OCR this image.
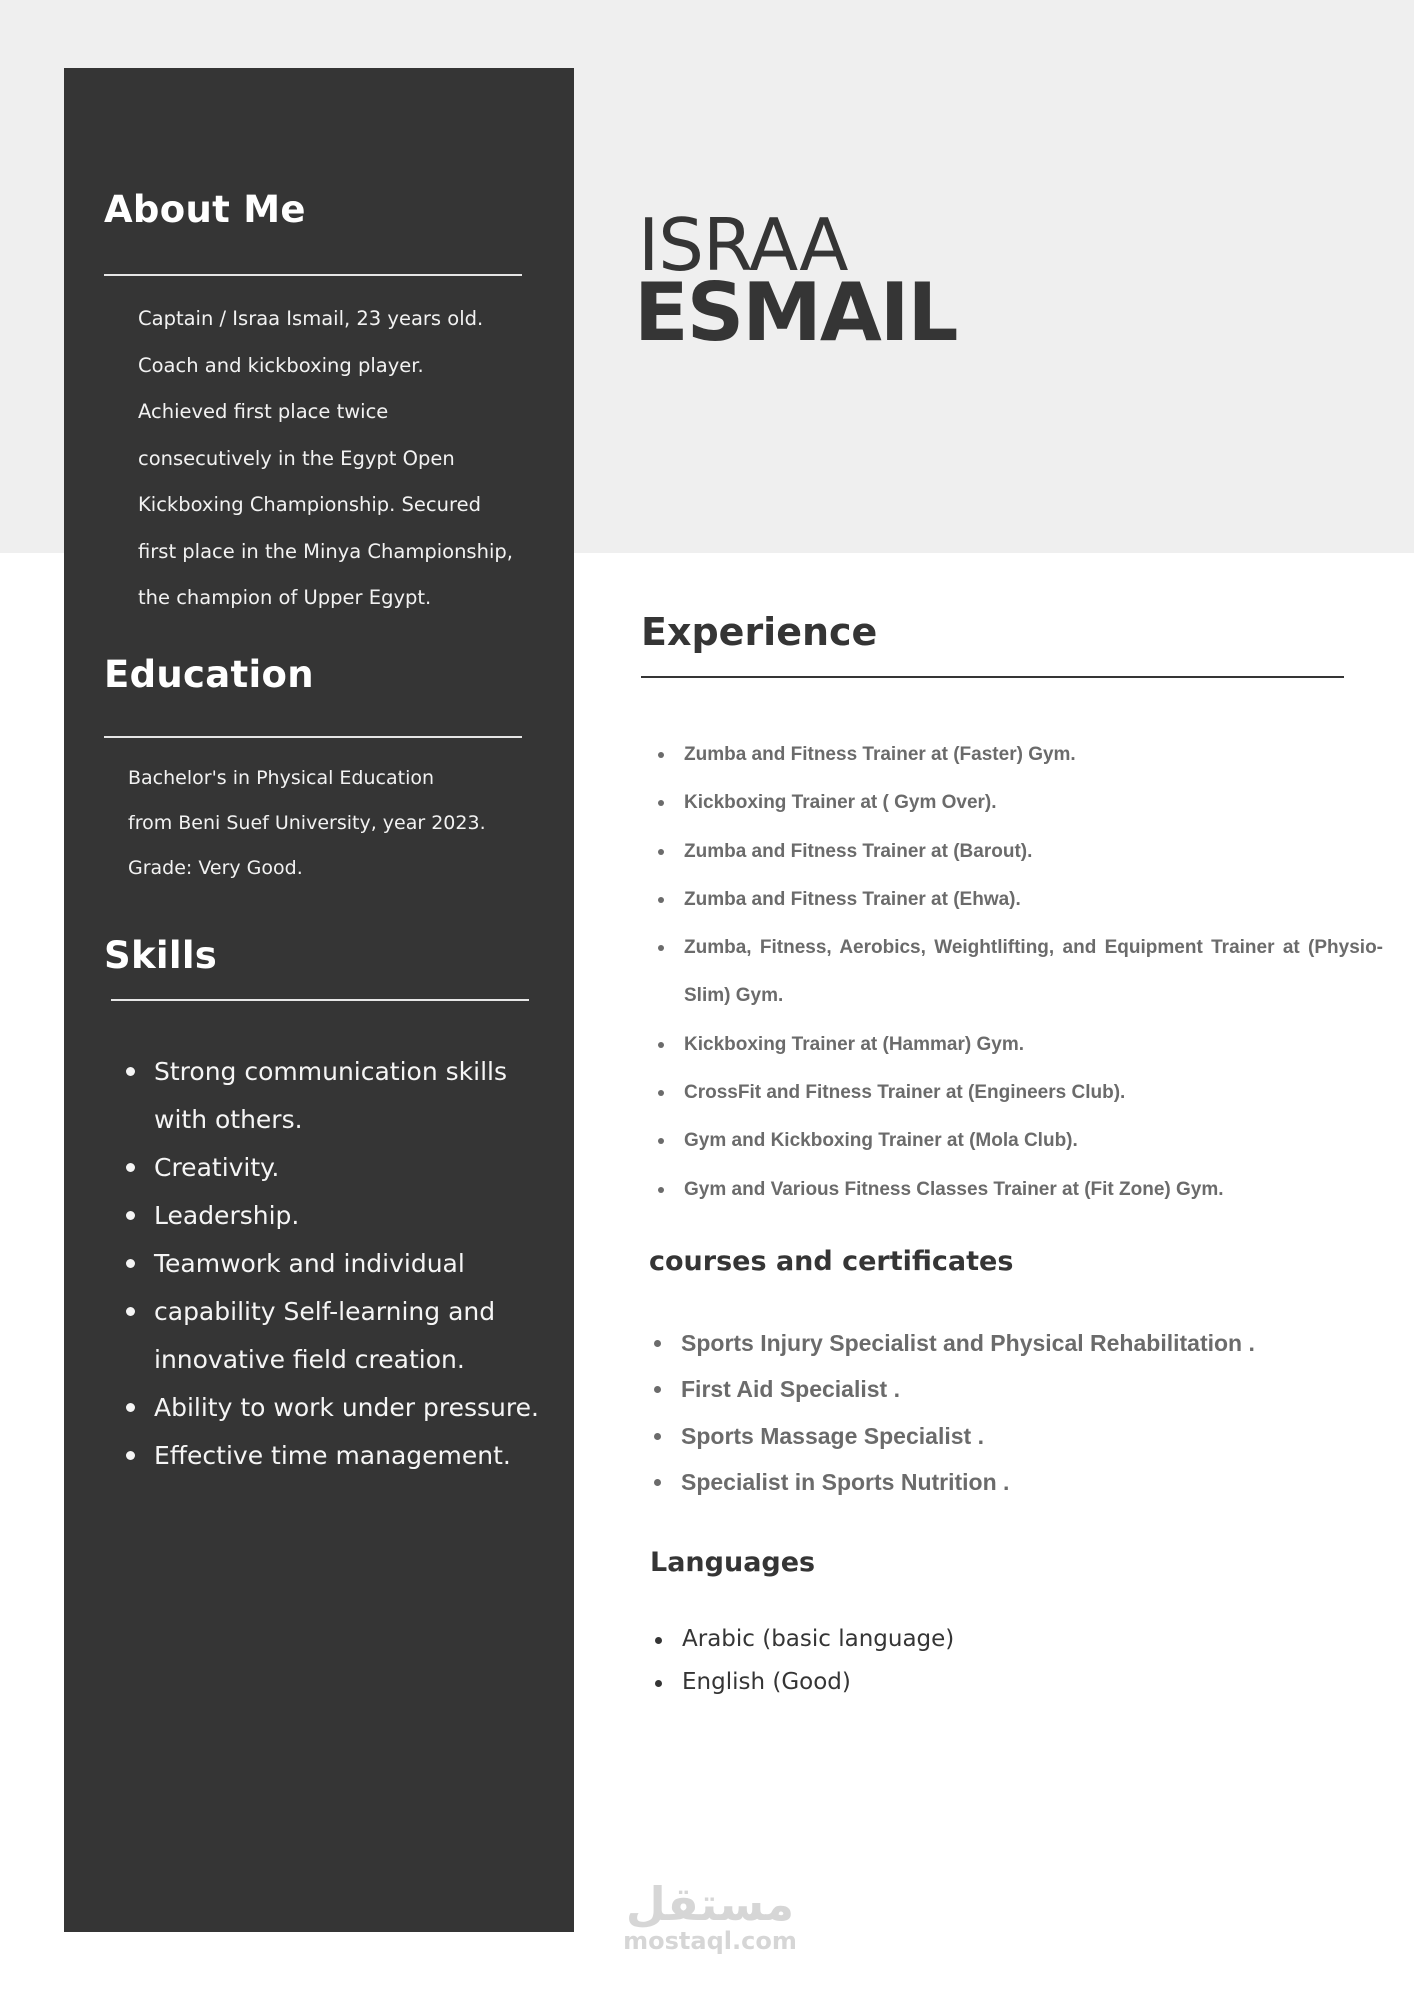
About Me
Captain / Israa Ismail, 23 years old.
Coach and kickboxing player.
Achieved first place twice
consecutively in the Egypt Open
Kickboxing Championship. Secured
first place in the Minya Championship,
the champion of Upper Egypt.
Education
Bachelor's in Physical Education
from Beni Suef University, year 2023.
Grade: Very Good.
Skills
Strong communication skills with others.
Creativity.
Leadership.
Teamwork and individual
capability Self-learning and innovative field creation.
Ability to work under pressure.
Effective time management.
ISRAA
ESMAIL
Experience
Zumba and Fitness Trainer at (Faster) Gym.
Kickboxing Trainer at ( Gym Over).
Zumba and Fitness Trainer at (Barout).
Zumba and Fitness Trainer at (Ehwa).
Zumba, Fitness, Aerobics, Weightlifting, and Equipment Trainer at (Physio-Slim) Gym.
Kickboxing Trainer at (Hammar) Gym.
CrossFit and Fitness Trainer at (Engineers Club).
Gym and Kickboxing Trainer at (Mola Club).
Gym and Various Fitness Classes Trainer at (Fit Zone) Gym.
courses and certificates
Sports Injury Specialist and Physical Rehabilitation .
First Aid Specialist .
Sports Massage Specialist .
Specialist in Sports Nutrition .
Languages
Arabic (basic language)
English (Good)
مستقل
mostaql.com
